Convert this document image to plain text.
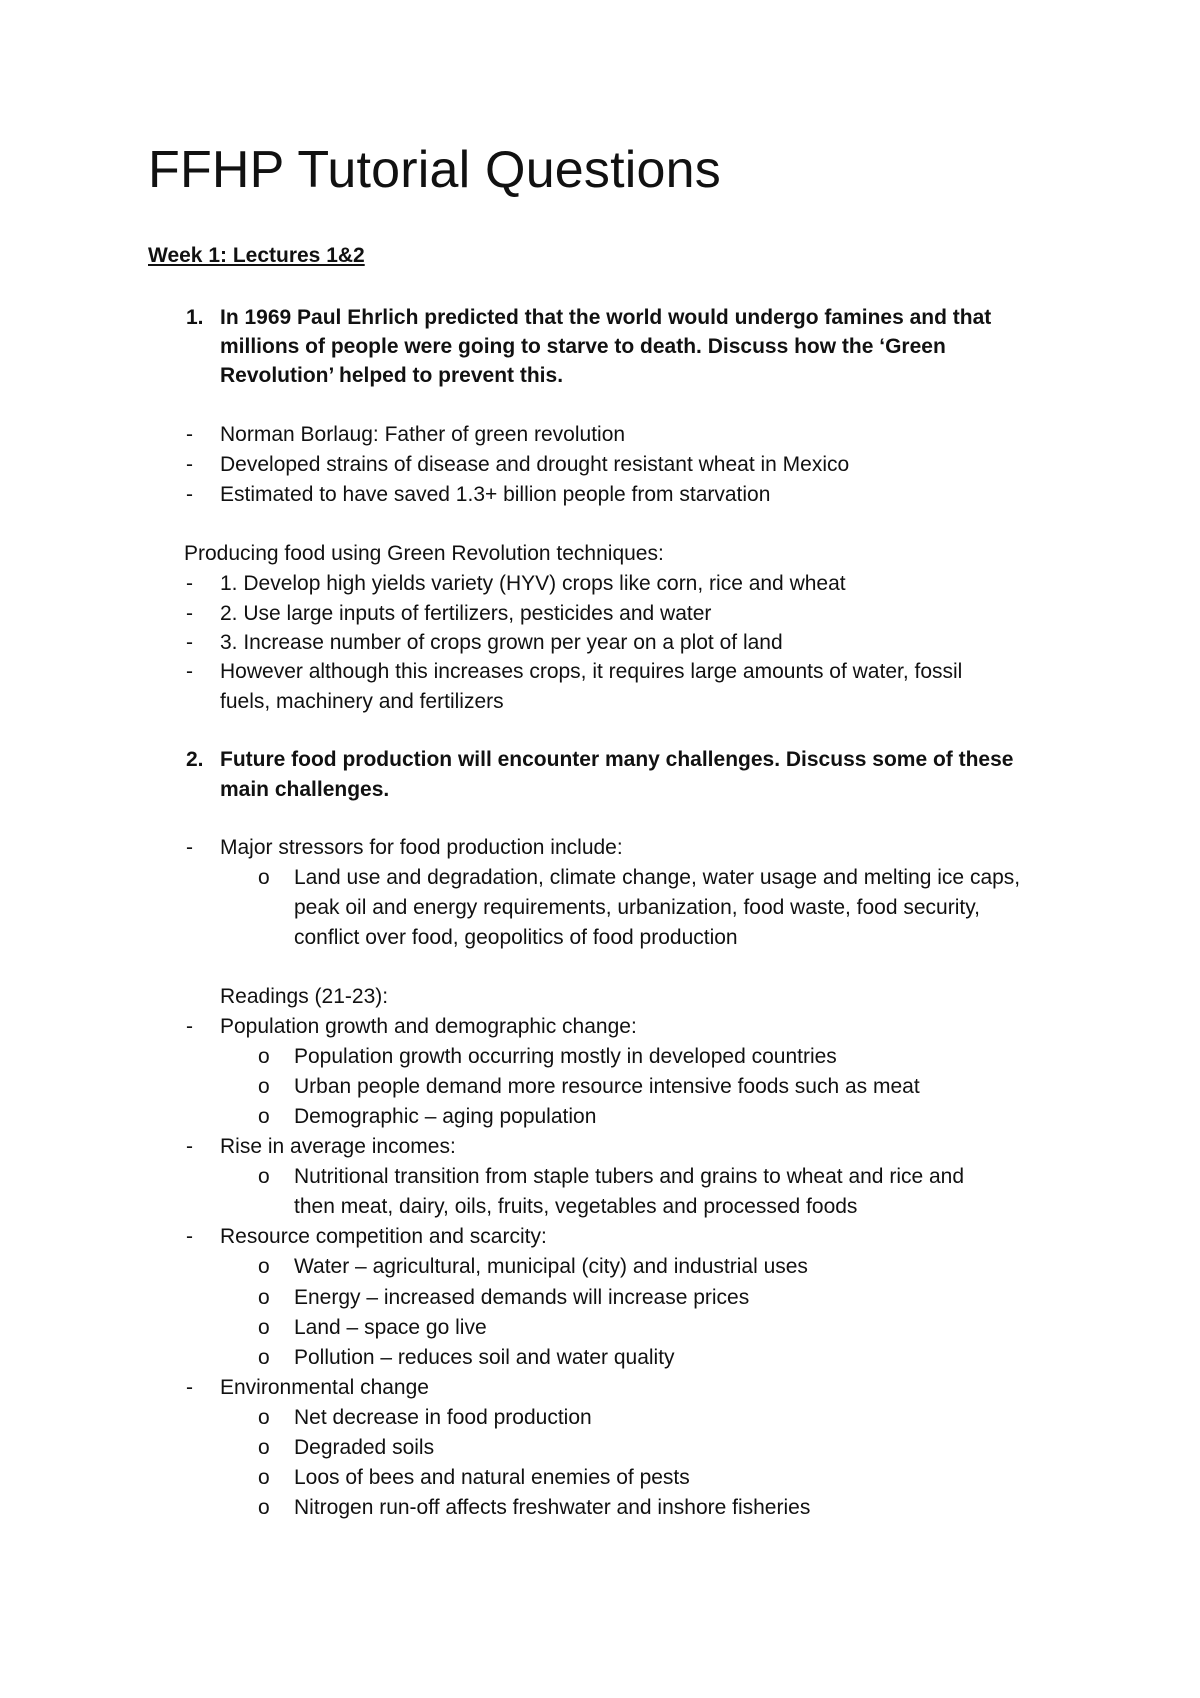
FFHP Tutorial Questions
Week 1: Lectures 1&2
1. In 1969 Paul Ehrlich predicted that the world would undergo famines and that
millions of people were going to starve to death. Discuss how the ‘Green
Revolution’ helped to prevent this.
- Norman Borlaug: Father of green revolution
- Developed strains of disease and drought resistant wheat in Mexico
- Estimated to have saved 1.3+ billion people from starvation
Producing food using Green Revolution techniques:
- 1. Develop high yields variety (HYV) crops like corn, rice and wheat
- 2. Use large inputs of fertilizers, pesticides and water
- 3. Increase number of crops grown per year on a plot of land
- However although this increases crops, it requires large amounts of water, fossil
fuels, machinery and fertilizers
2. Future food production will encounter many challenges. Discuss some of these
main challenges.
- Major stressors for food production include:
o Land use and degradation, climate change, water usage and melting ice caps,
peak oil and energy requirements, urbanization, food waste, food security,
conflict over food, geopolitics of food production
Readings (21-23):
- Population growth and demographic change:
o Population growth occurring mostly in developed countries
o Urban people demand more resource intensive foods such as meat
o Demographic – aging population
- Rise in average incomes:
o Nutritional transition from staple tubers and grains to wheat and rice and
then meat, dairy, oils, fruits, vegetables and processed foods
- Resource competition and scarcity:
o Water – agricultural, municipal (city) and industrial uses
o Energy – increased demands will increase prices
o Land – space go live
o Pollution – reduces soil and water quality
- Environmental change
o Net decrease in food production
o Degraded soils
o Loos of bees and natural enemies of pests
o Nitrogen run-off affects freshwater and inshore fisheries
